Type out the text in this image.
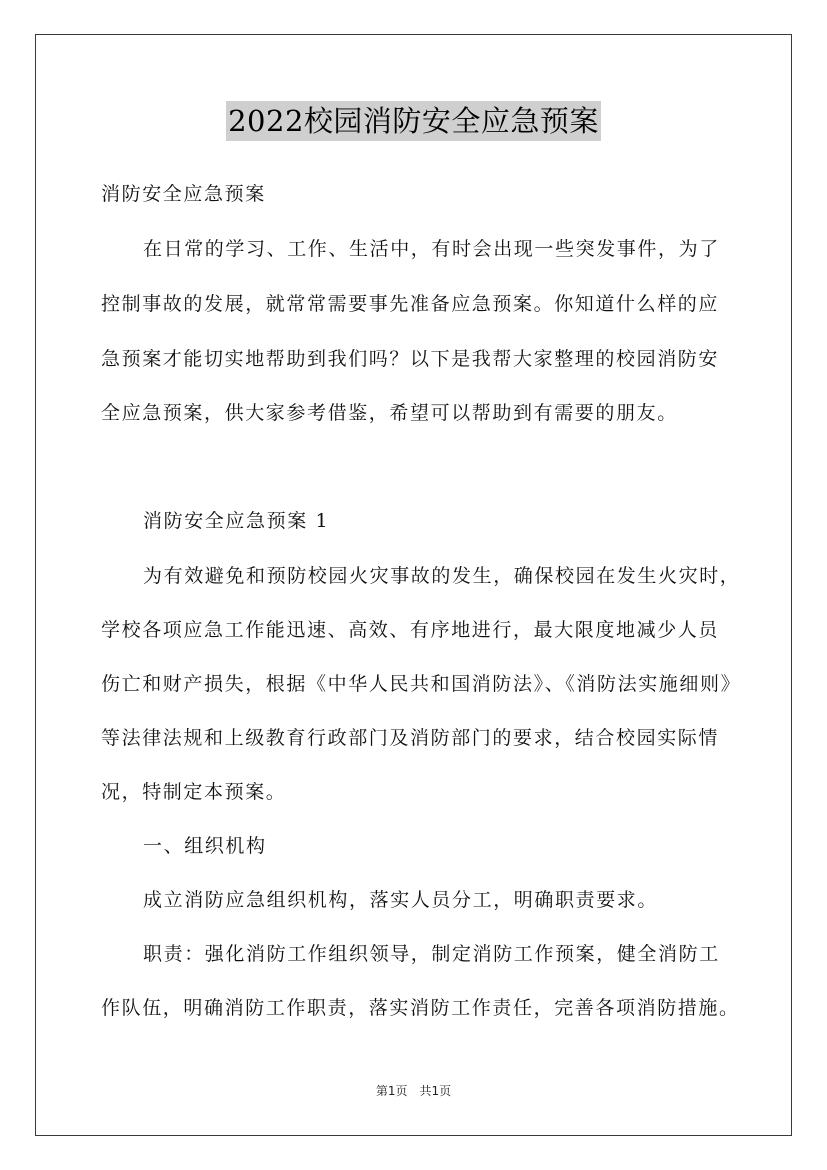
2022校园消防安全应急预案
消防安全应急预案
在日常的学习、工作、生活中，有时会出现一些突发事件，为了
控制事故的发展，就常常需要事先准备应急预案。你知道什么样的应
急预案才能切实地帮助到我们吗？以下是我帮大家整理的校园消防安
全应急预案，供大家参考借鉴，希望可以帮助到有需要的朋友。
消防安全应急预案 1
为有效避免和预防校园火灾事故的发生，确保校园在发生火灾时，
学校各项应急工作能迅速、高效、有序地进行，最大限度地减少人员
伤亡和财产损失，根据《中华人民共和国消防法》、《消防法实施细则》
等法律法规和上级教育行政部门及消防部门的要求，结合校园实际情
况，特制定本预案。
一、组织机构
成立消防应急组织机构，落实人员分工，明确职责要求。
职责：强化消防工作组织领导，制定消防工作预案，健全消防工
作队伍，明确消防工作职责，落实消防工作责任，完善各项消防措施。
第1页　共1页
